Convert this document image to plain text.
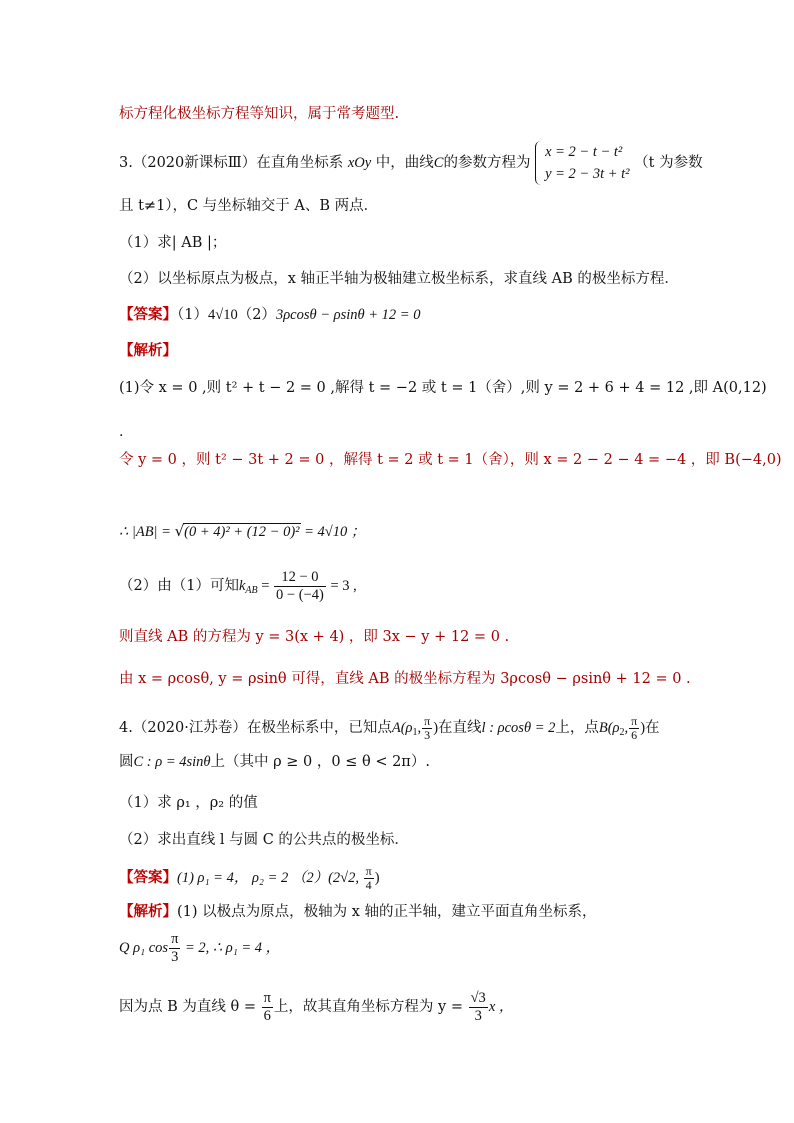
标方程化极坐标方程等知识，属于常考题型.
3.（2020新课标Ⅲ）在直角坐标系 xOy 中，曲线C的参数方程为
x = 2 − t − t²
y = 2 − 3t + t²
（t 为参数
且 t≠1），C 与坐标轴交于 A、B 两点．
（1）求| AB |；
（2）以坐标原点为极点，x 轴正半轴为极轴建立极坐标系，求直线 AB 的极坐标方程．
【答案】（1）4√10（2）3ρcosθ − ρsinθ + 12 = 0
【解析】
(1)令 x = 0 ,则 t² + t − 2 = 0 ,解得 t = −2 或 t = 1（舍）,则 y = 2 + 6 + 4 = 12 ,即 A(0,12)
.
令 y = 0 ，则 t² − 3t + 2 = 0 ，解得 t = 2 或 t = 1（舍），则 x = 2 − 2 − 4 = −4 ，即 B(−4,0)
∴ |AB| = √(0 + 4)² + (12 − 0)² = 4√10 ；
（2）由（1）可知$k_{AB} = \frac{12 - 0}{0 - (-4)} = 3$ ,
则直线 AB 的方程为 y = 3(x + 4) ，即 3x − y + 12 = 0 .
由 x = ρcosθ, y = ρsinθ 可得，直线 AB 的极坐标方程为 3ρcosθ − ρsinθ + 12 = 0 .
4.（2020·江苏卷）在极坐标系中，已知点$A(\rho_1$, $\frac{\pi}{3}$ )在直线l : ρcosθ = 2上，点$B(\rho_2$, $\frac{\pi}{6}$ )在
圆C : ρ = 4sinθ上（其中 ρ ≥ 0 ，0 ≤ θ < 2π）.
（1）求 ρ₁ ，ρ₂ 的值
（2）求出直线 l 与圆 C 的公共点的极坐标．
【答案】(1) ρ₁ = 4， ρ₂ = 2 （2）(2√2, $\frac{\pi}{4}$ )
【解析】(1) 以极点为原点，极轴为 x 轴的正半轴，建立平面直角坐标系，
Q ρ₁ $\cos \frac{\pi}{3} = 2$, ∴ ρ₁ = 4 ，
因为点 B 为直线 $\theta = \frac{\pi}{6}$ 上，故其直角坐标方程为 $y = \frac{√3}{3}$ x ，
